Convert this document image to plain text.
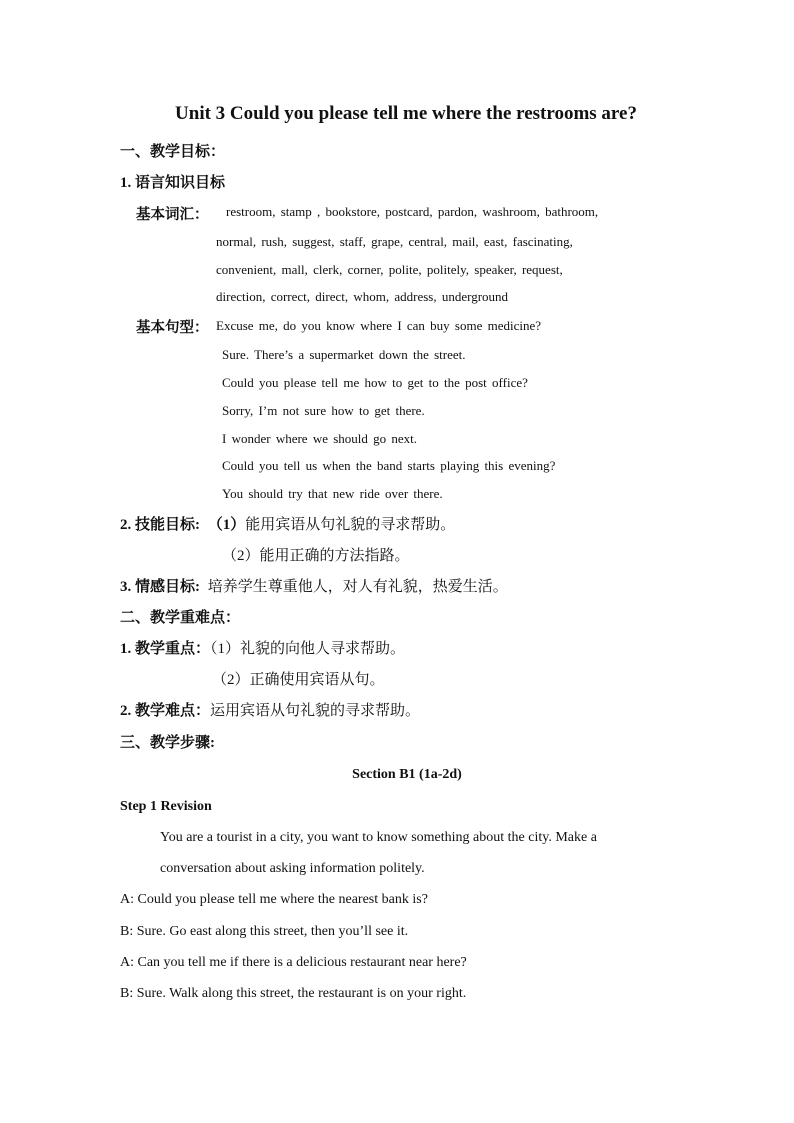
Unit 3 Could you please tell me where the restrooms are?
一、教学目标：
1. 语言知识目标
基本词汇： restroom, stamp , bookstore, postcard, pardon, washroom, bathroom,
normal, rush, suggest, staff, grape, central, mail, east, fascinating,
convenient, mall, clerk, corner, polite, politely, speaker, request,
direction, correct, direct, whom, address, underground
基本句型： Excuse me, do you know where I can buy some medicine?
Sure. There’s a supermarket down the street.
Could you please tell me how to get to the post office?
Sorry, I’m not sure how to get there.
I wonder where we should go next.
Could you tell us when the band starts playing this evening?
You should try that new ride over there.
2. 技能目标: （1）能用宾语从句礼貌的寻求帮助。
（2）能用正确的方法指路。
3. 情感目标: 培养学生尊重他人，对人有礼貌，热爱生活。
二、教学重难点：
1. 教学重点：（1）礼貌的向他人寻求帮助。
（2）正确使用宾语从句。
2. 教学难点：运用宾语从句礼貌的寻求帮助。
三、教学步骤:
Section B1 (1a-2d)
Step 1 Revision
You are a tourist in a city, you want to know something about the city. Make a
conversation about asking information politely.
A: Could you please tell me where the nearest bank is?
B: Sure. Go east along this street, then you’ll see it.
A: Can you tell me if there is a delicious restaurant near here?
B: Sure. Walk along this street, the restaurant is on your right.
